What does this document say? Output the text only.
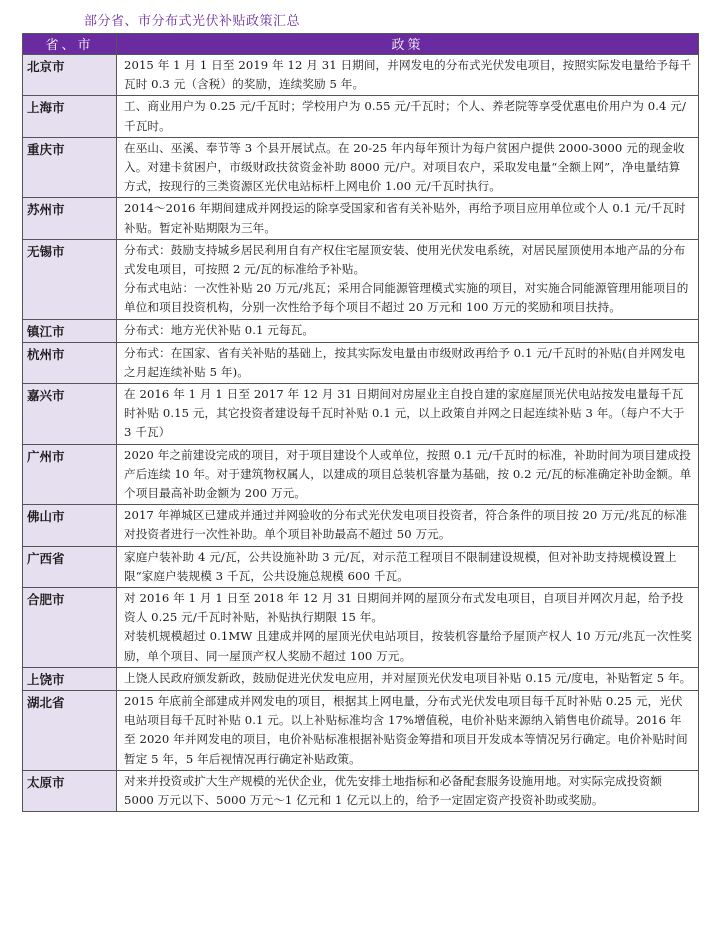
部分省、市分布式光伏补贴政策汇总
省、市	政策
北京市	2015 年 1 月 1 日至 2019 年 12 月 31 日期间，并网发电的分布式光伏发电项目，按照实际发电量给予每千瓦时 0.3 元（含税）的奖励，连续奖励 5 年。

上海市	工、商业用户为 0.25 元/千瓦时；学校用户为 0.55 元/千瓦时；个人、养老院等享受优惠电价用户为 0.4 元/千瓦时。

重庆市	在巫山、巫溪、奉节等 3 个县开展试点。在 20-25 年内每年预计为每户贫困户提供 2000-3000 元的现金收入。对建卡贫困户，市级财政扶贫资金补助 8000 元/户。对项目农户，采取发电量“全额上网”，净电量结算方式，按现行的三类资源区光伏电站标杆上网电价 1.00 元/千瓦时执行。

苏州市	2014～2016 年期间建成并网投运的除享受国家和省有关补贴外，再给予项目应用单位或个人 0.1 元/千瓦时补贴。暂定补贴期限为三年。

无锡市	分布式：鼓励支持城乡居民利用自有产权住宅屋顶安装、使用光伏发电系统，对居民屋顶使用本地产品的分布式发电项目，可按照 2 元/瓦的标准给予补贴。

分布式电站：一次性补贴 20 万元/兆瓦；采用合同能源管理模式实施的项目，对实施合同能源管理用能项目的单位和项目投资机构，分别一次性给予每个项目不超过 20 万元和 100 万元的奖励和项目扶持。

镇江市	分布式：地方光伏补贴 0.1 元每瓦。

杭州市	分布式：在国家、省有关补贴的基础上，按其实际发电量由市级财政再给予 0.1 元/千瓦时的补贴(自并网发电之月起连续补贴 5 年)。

嘉兴市	在 2016 年 1 月 1 日至 2017 年 12 月 31 日期间对房屋业主自投自建的家庭屋顶光伏电站按发电量每千瓦时补贴 0.15 元，其它投资者建设每千瓦时补贴 0.1 元，以上政策自并网之日起连续补贴 3 年。（每户不大于 3 千瓦）

广州市	2020 年之前建设完成的项目，对于项目建设个人或单位，按照 0.1 元/千瓦时的标准，补助时间为项目建成投产后连续 10 年。对于建筑物权属人，以建成的项目总装机容量为基础，按 0.2 元/瓦的标准确定补助金额。单个项目最高补助金额为 200 万元。

佛山市	2017 年禅城区已建成并通过并网验收的分布式光伏发电项目投资者，符合条件的项目按 20 万元/兆瓦的标准对投资者进行一次性补助。单个项目补助最高不超过 50 万元。

广西省	家庭户装补助 4 元/瓦，公共设施补助 3 元/瓦，对示范工程项目不限制建设规模，但对补助支持规模设置上限“家庭户装规模 3 千瓦，公共设施总规模 600 千瓦。

合肥市	对 2016 年 1 月 1 日至 2018 年 12 月 31 日期间并网的屋顶分布式发电项目，自项目并网次月起，给予投资人 0.25 元/千瓦时补贴，补贴执行期限 15 年。

对装机规模超过 0.1MW 且建成并网的屋顶光伏电站项目，按装机容量给予屋顶产权人 10 万元/兆瓦一次性奖励，单个项目、同一屋顶产权人奖励不超过 100 万元。

上饶市	上饶人民政府颁发新政，鼓励促进光伏发电应用，并对屋顶光伏发电项目补贴 0.15 元/度电，补贴暂定 5 年。

湖北省	2015 年底前全部建成并网发电的项目，根据其上网电量，分布式光伏发电项目每千瓦时补贴 0.25 元，光伏电站项目每千瓦时补贴 0.1 元。以上补贴标准均含 17%增值税，电价补贴来源纳入销售电价疏导。2016 年至 2020 年并网发电的项目，电价补贴标准根据补贴资金筹措和项目开发成本等情况另行确定。电价补贴时间暂定 5 年，5 年后视情况再行确定补贴政策。

太原市	对来并投资或扩大生产规模的光伏企业，优先安排土地指标和必备配套服务设施用地。对实际完成投资额 5000 万元以下、5000 万元～1 亿元和 1 亿元以上的，给予一定固定资产投资补助或奖励。
